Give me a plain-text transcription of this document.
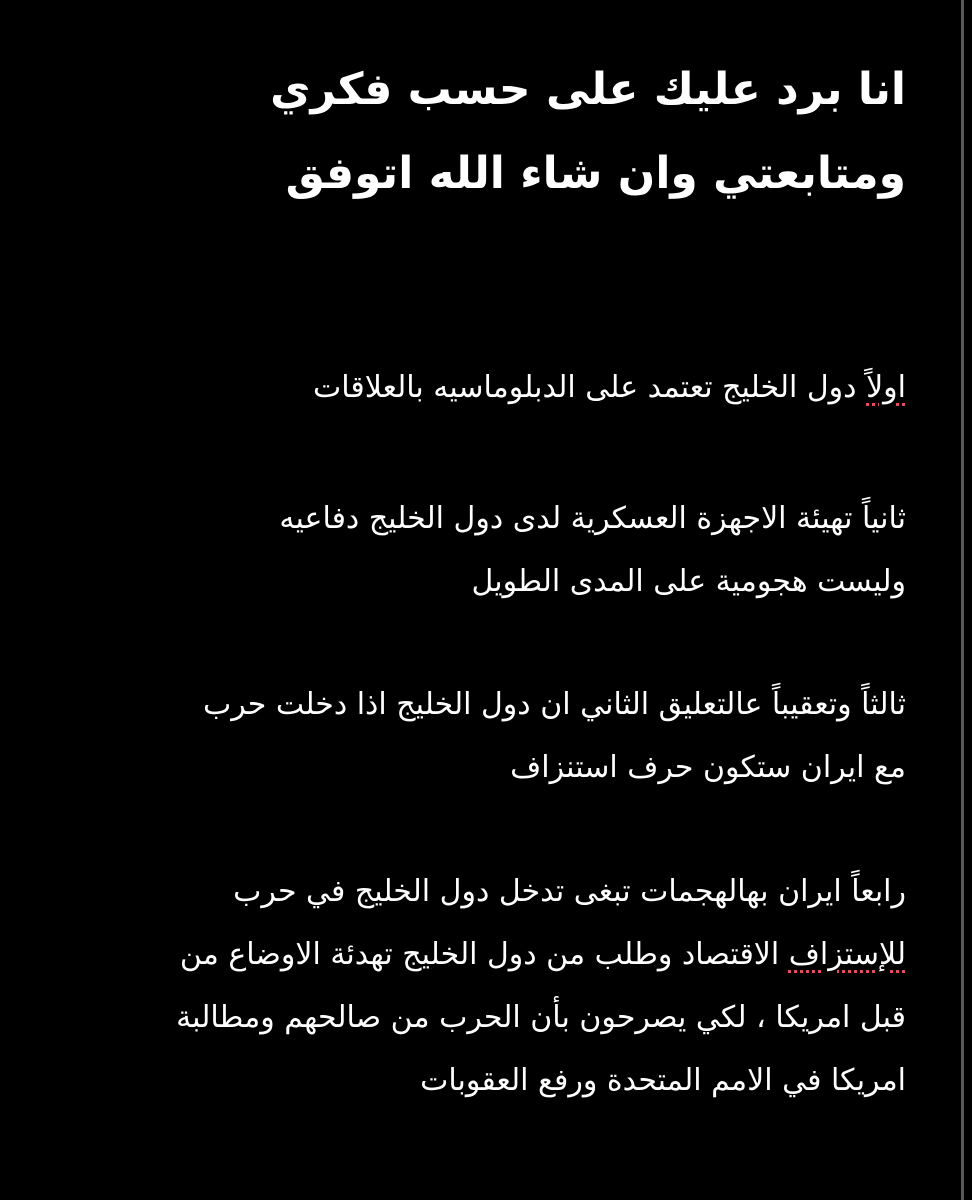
انا برد عليك على حسب فكري
ومتابعتي وان شاء الله اتوفق
اولاً دول الخليج تعتمد على الدبلوماسيه بالعلاقات
ثانياً تهيئة الاجهزة العسكرية لدى دول الخليج دفاعيه
وليست هجومية على المدى الطويل
ثالثاً وتعقيباً عالتعليق الثاني ان دول الخليج اذا دخلت حرب
مع ايران ستكون حرف استنزاف
رابعاً ايران بهالهجمات تبغى تدخل دول الخليج في حرب
للإستزاف الاقتصاد وطلب من دول الخليج تهدئة الاوضاع من
قبل امريكا ، لكي يصرحون بأن الحرب من صالحهم ومطالبة
امريكا في الامم المتحدة ورفع العقوبات
